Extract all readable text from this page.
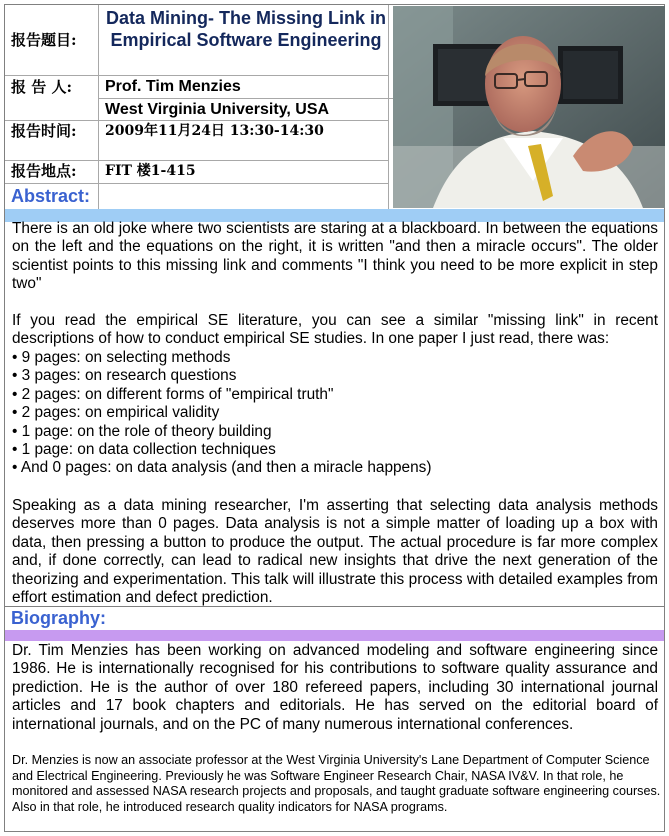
报告题目:
报 告 人:
报告时间:
报告地点:
Data Mining- The Missing Link in Empirical Software Engineering
Prof. Tim Menzies
West Virginia University, USA
2009年11月24日 13:30-14:30
FIT 楼1-415
Abstract:

There is an old joke where two scientists are staring at a blackboard. In between the equations on the left and the equations on the right, it is written "and then a miracle occurs". The older scientist points to this missing link and comments "I think you need to be more explicit in step two"

If you read the empirical SE literature, you can see a similar "missing link" in recent descriptions of how to conduct empirical SE studies. In one paper I just read, there was:

• 9 pages: on selecting methods
• 3 pages: on research questions
• 2 pages: on different forms of "empirical truth"
• 2 pages: on empirical validity
• 1 page: on the role of theory building
• 1 page: on data collection techniques
• And 0 pages: on data analysis (and then a miracle happens)

Speaking as a data mining researcher, I'm asserting that selecting data analysis methods deserves more than 0 pages. Data analysis is not a simple matter of loading up a box with data, then pressing a button to produce the output. The actual procedure is far more complex and, if done correctly, can lead to radical new insights that drive the next generation of the theorizing and experimentation. This talk will illustrate this process with detailed examples from effort estimation and defect prediction.

Biography:

Dr. Tim Menzies has been working on advanced modeling and software engineering since 1986. He is internationally recognised for his contributions to software quality assurance and prediction. He is the author of over 180 refereed papers, including 30 international journal articles and 17 book chapters and editorials. He has served on the editorial board of international journals, and on the PC of many numerous international conferences.

Dr. Menzies is now an associate professor at the West Virginia University's Lane Department of Computer Science and Electrical Engineering. Previously he was Software Engineer Research Chair, NASA IV&V. In that role, he monitored and assessed NASA research projects and proposals, and taught graduate software engineering courses. Also in that role, he introduced research quality indicators for NASA programs.
